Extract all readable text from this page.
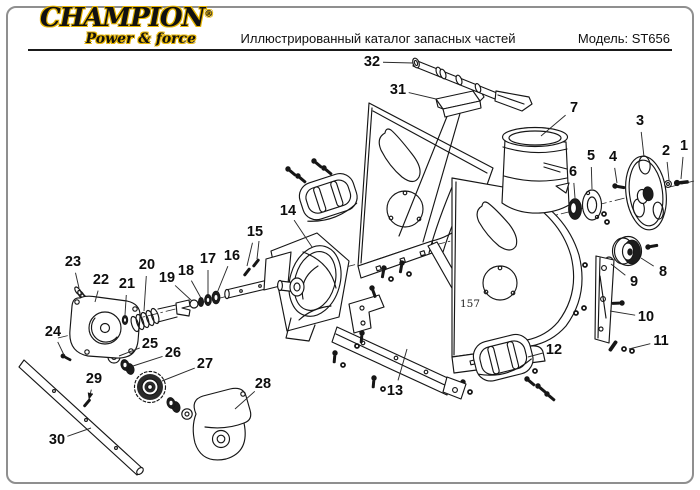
CHAMPION®
Power & force	Иллюстрированный каталог запасных частей	Модель: ST656
157
1
2
3
4
5
6
7
8
9
10
11
12
13
14
15
16
17
18
19
20
21
22
23
24
25
26
27
28
29
30
31
32
